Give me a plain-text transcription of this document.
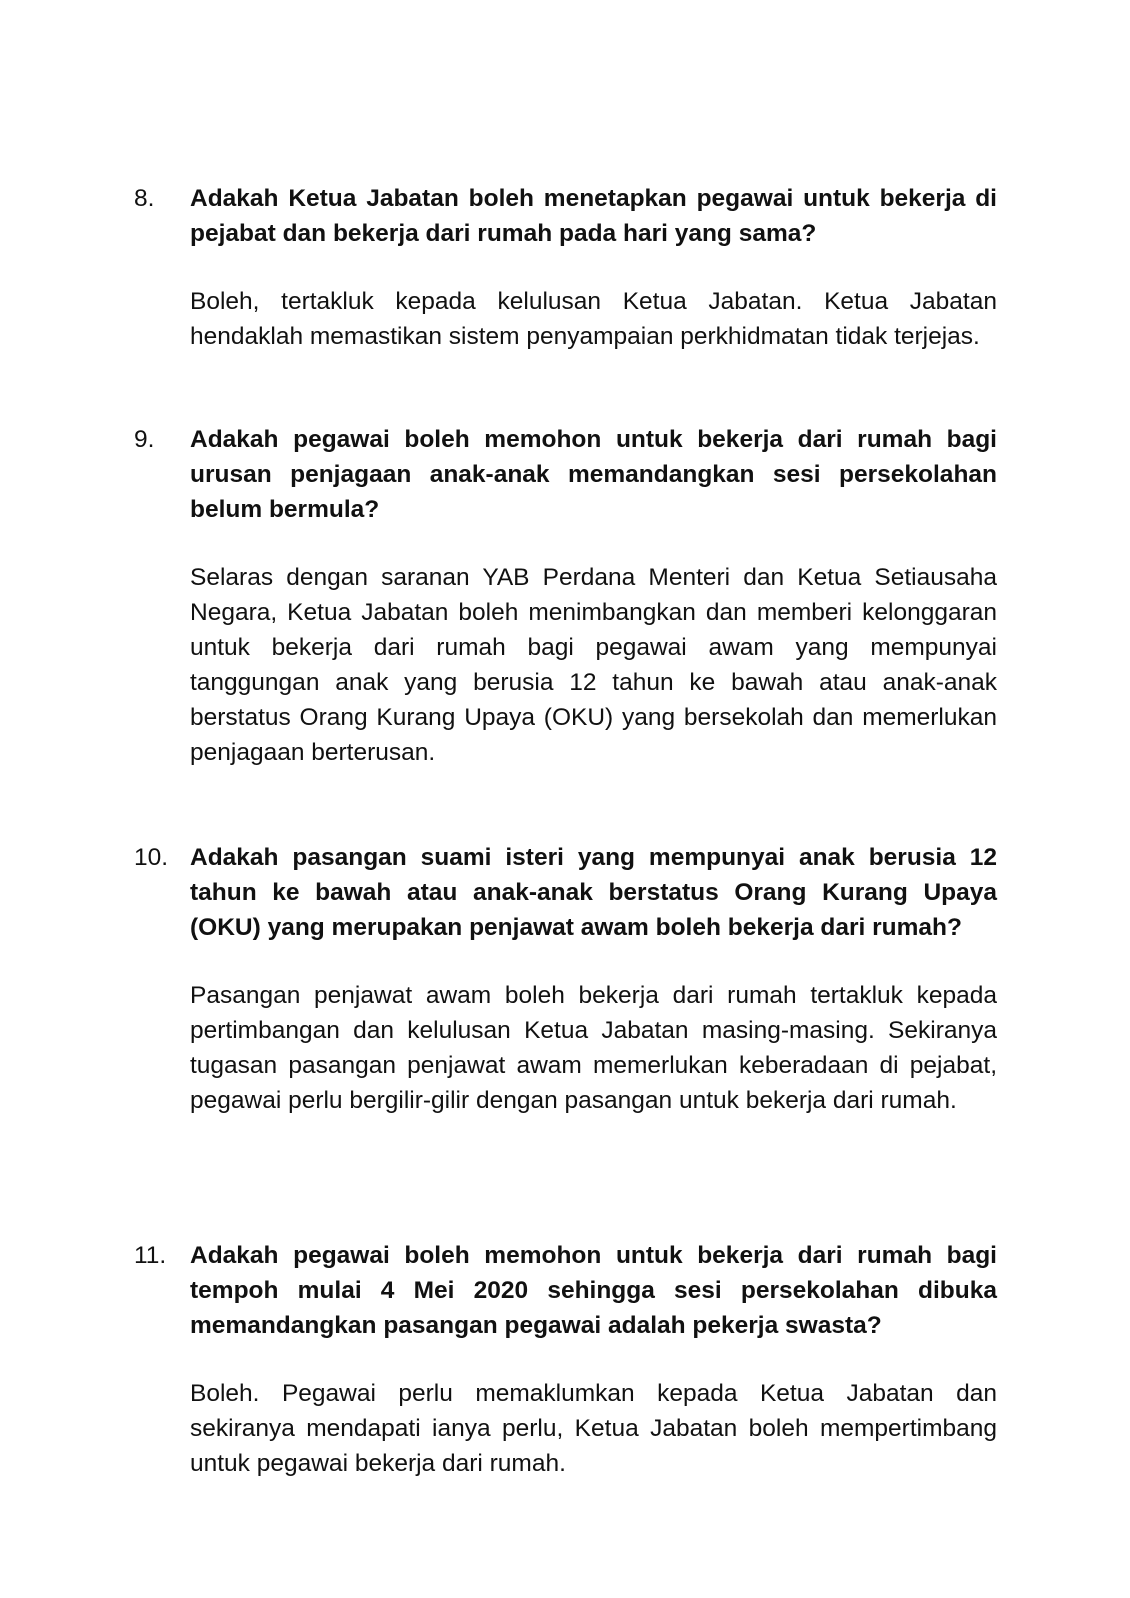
8. Adakah Ketua Jabatan boleh menetapkan pegawai untuk bekerja di pejabat dan bekerja dari rumah pada hari yang sama?
Boleh, tertakluk kepada kelulusan Ketua Jabatan. Ketua Jabatan hendaklah memastikan sistem penyampaian perkhidmatan tidak terjejas.
9. Adakah pegawai boleh memohon untuk bekerja dari rumah bagi urusan penjagaan anak-anak memandangkan sesi persekolahan belum bermula?
Selaras dengan saranan YAB Perdana Menteri dan Ketua Setiausaha Negara, Ketua Jabatan boleh menimbangkan dan memberi kelonggaran untuk bekerja dari rumah bagi pegawai awam yang mempunyai tanggungan anak yang berusia 12 tahun ke bawah atau anak-anak berstatus Orang Kurang Upaya (OKU) yang bersekolah dan memerlukan penjagaan berterusan.
10. Adakah pasangan suami isteri yang mempunyai anak berusia 12 tahun ke bawah atau anak-anak berstatus Orang Kurang Upaya (OKU) yang merupakan penjawat awam boleh bekerja dari rumah?
Pasangan penjawat awam boleh bekerja dari rumah tertakluk kepada pertimbangan dan kelulusan Ketua Jabatan masing-masing. Sekiranya tugasan pasangan penjawat awam memerlukan keberadaan di pejabat, pegawai perlu bergilir-gilir dengan pasangan untuk bekerja dari rumah.
11. Adakah pegawai boleh memohon untuk bekerja dari rumah bagi tempoh mulai 4 Mei 2020 sehingga sesi persekolahan dibuka memandangkan pasangan pegawai adalah pekerja swasta?
Boleh. Pegawai perlu memaklumkan kepada Ketua Jabatan dan sekiranya mendapati ianya perlu, Ketua Jabatan boleh mempertimbang untuk pegawai bekerja dari rumah.
